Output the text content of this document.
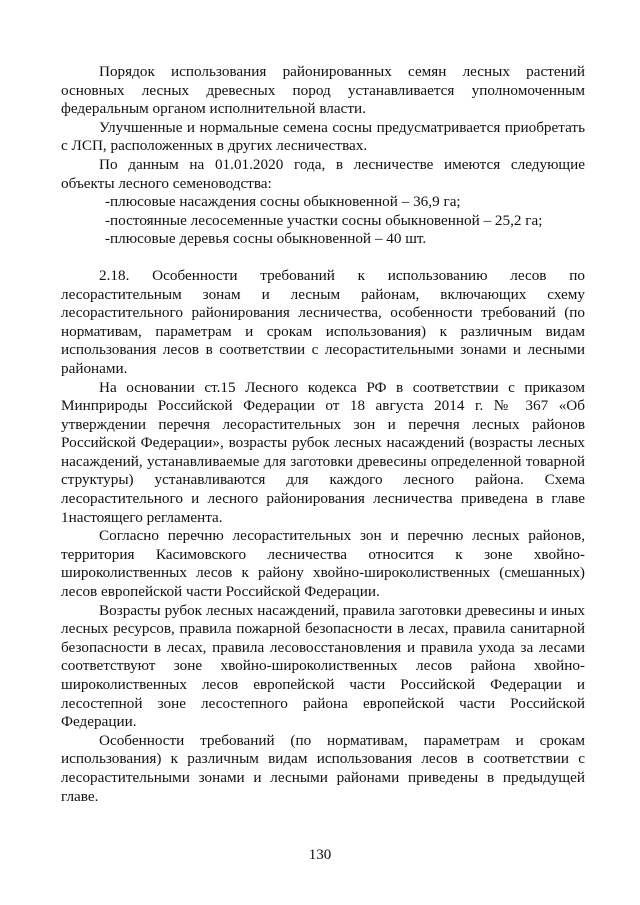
Порядок использования районированных семян лесных растений основных лесных древесных пород устанавливается уполномоченным федеральным органом исполнительной власти.

Улучшенные и нормальные семена сосны предусматривается приобретать с ЛСП, расположенных в других лесничествах.

По данным на 01.01.2020 года, в лесничестве имеются следующие объекты лесного семеноводства:

-плюсовые насаждения сосны обыкновенной – 36,9 га;

-постоянные лесосеменные участки сосны обыкновенной – 25,2 га;

-плюсовые деревья сосны обыкновенной – 40 шт.

2.18. Особенности требований к использованию лесов по лесорастительным зонам и лесным районам, включающих схему лесорастительного районирования лесничества, особенности требований (по нормативам, параметрам и срокам использования) к различным видам использования лесов в соответствии с лесорастительными зонами и лесными районами.

На основании ст.15 Лесного кодекса РФ в соответствии с приказом Минприроды Российской Федерации от 18 августа 2014 г. № 367 «Об утверждении перечня лесорастительных зон и перечня лесных районов Российской Федерации», возрасты рубок лесных насаждений (возрасты лесных насаждений, устанавливаемые для заготовки древесины определенной товарной структуры) устанавливаются для каждого лесного района. Схема лесорастительного и лесного районирования лесничества приведена в главе 1настоящего регламента.

Согласно перечню лесорастительных зон и перечню лесных районов, территория Касимовского лесничества относится к зоне хвойно-широколиственных лесов к району хвойно-широколиственных (смешанных) лесов европейской части Российской Федерации.

Возрасты рубок лесных насаждений, правила заготовки древесины и иных лесных ресурсов, правила пожарной безопасности в лесах, правила санитарной безопасности в лесах, правила лесовосстановления и правила ухода за лесами соответствуют зоне хвойно-широколиственных лесов района хвойно-широколиственных лесов европейской части Российской Федерации и лесостепной зоне лесостепного района европейской части Российской Федерации.

Особенности требований (по нормативам, параметрам и срокам использования) к различным видам использования лесов в соответствии с лесорастительными зонами и лесными районами приведены в предыдущей главе.

130
